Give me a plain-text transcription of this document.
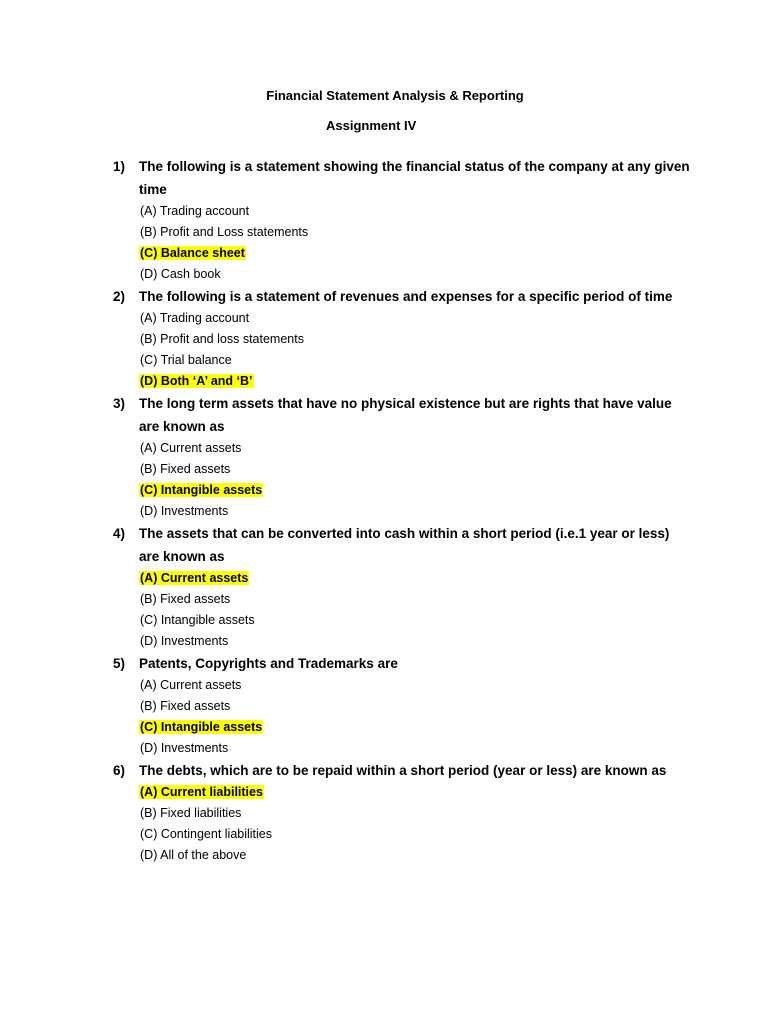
Financial Statement Analysis & Reporting
Assignment IV
1)	The following is a statement showing the financial status of the company at any given time
(A) Trading account
(B) Profit and Loss statements
(C) Balance sheet
(D) Cash book
2)	The following is a statement of revenues and expenses for a specific period of time
(A) Trading account
(B) Profit and loss statements
(C) Trial balance
(D) Both ‘A’ and ‘B’
3)	The long term assets that have no physical existence but are rights that have value are known as
(A) Current assets
(B) Fixed assets
(C) Intangible assets
(D) Investments
4)	The assets that can be converted into cash within a short period (i.e.1 year or less) are known as
(A) Current assets
(B) Fixed assets
(C) Intangible assets
(D) Investments
5)	Patents, Copyrights and Trademarks are
(A) Current assets
(B) Fixed assets
(C) Intangible assets
(D) Investments
6)	The debts, which are to be repaid within a short period (year or less) are known as
(A) Current liabilities
(B) Fixed liabilities
(C) Contingent liabilities
(D) All of the above
